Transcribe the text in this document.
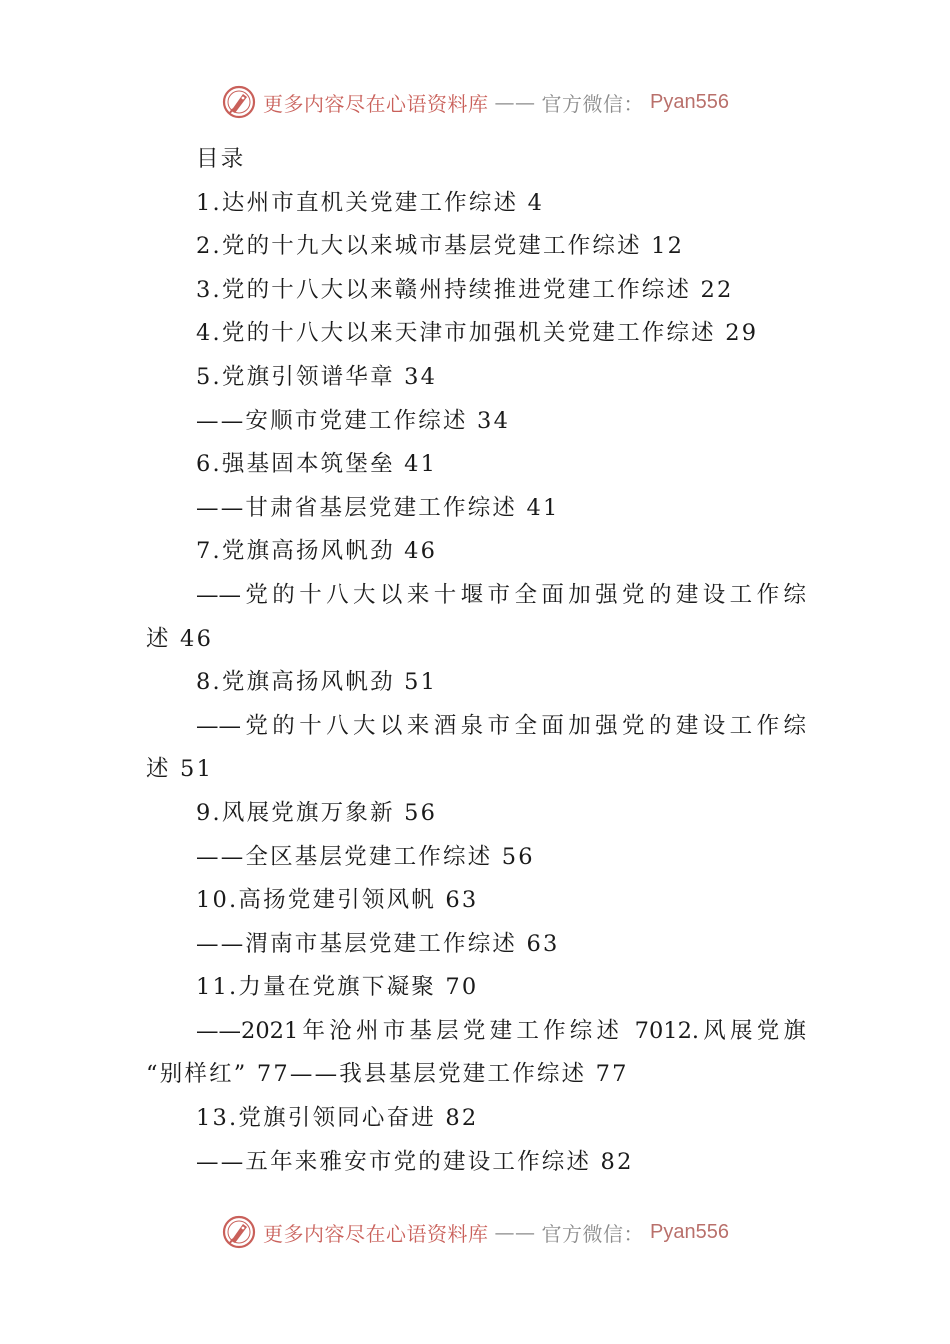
更多内容尽在心语资料库 —— 官方微信： Pyan556
目录
1.达州市直机关党建工作综述 4
2.党的十九大以来城市基层党建工作综述 12
3.党的十八大以来赣州持续推进党建工作综述 22
4.党的十八大以来天津市加强机关党建工作综述 29
5.党旗引领谱华章 34
——安顺市党建工作综述 34
6.强基固本筑堡垒 41
——甘肃省基层党建工作综述 41
7.党旗高扬风帆劲 46
——党的十八大以来十堰市全面加强党的建设工作综
述 46
8.党旗高扬风帆劲 51
——党的十八大以来酒泉市全面加强党的建设工作综
述 51
9.风展党旗万象新 56
——全区基层党建工作综述 56
10.高扬党建引领风帆 63
——渭南市基层党建工作综述 63
11.力量在党旗下凝聚 70
——2021年沧州市基层党建工作综述 7012.风展党旗
“别样红” 77——我县基层党建工作综述 77
13.党旗引领同心奋进 82
——五年来雅安市党的建设工作综述 82
更多内容尽在心语资料库 —— 官方微信： Pyan556
